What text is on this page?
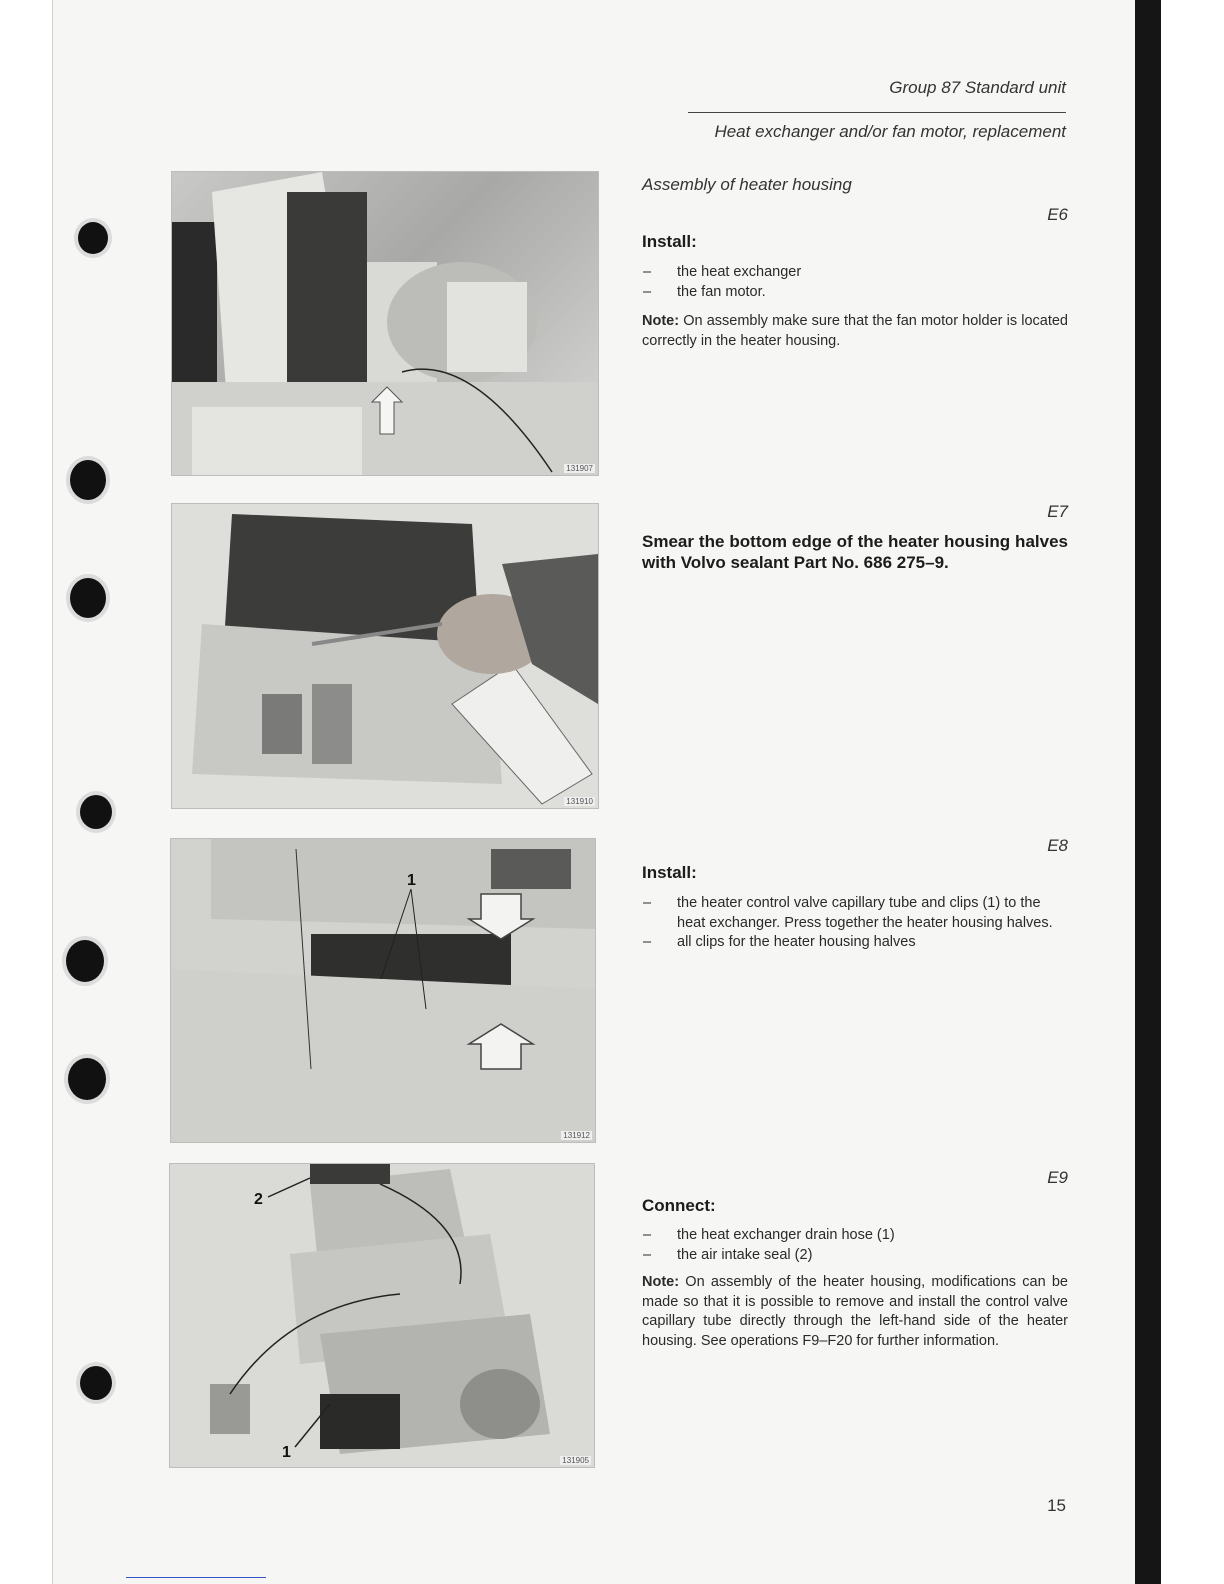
Group 87 Standard unit
Heat exchanger and/or fan motor, replacement
131907
Assembly of heater housing
E6
Install:
– the heat exchanger
– the fan motor.
Note: On assembly make sure that the fan motor holder is located correctly in the heater housing.
131910
E7
Smear the bottom edge of the heater housing halves with Volvo sealant Part No. 686 275–9.
1
131912
E8
Install:
– the heater control valve capillary tube and clips (1) to the heat exchanger. Press together the heater housing halves.
– all clips for the heater housing halves
2
1	131905
E9
Connect:
– the heat exchanger drain hose (1)
– the air intake seal (2)
Note: On assembly of the heater housing, modifications can be made so that it is possible to remove and install the control valve capillary tube directly through the left-hand side of the heater housing. See operations F9–F20 for further information.
15
